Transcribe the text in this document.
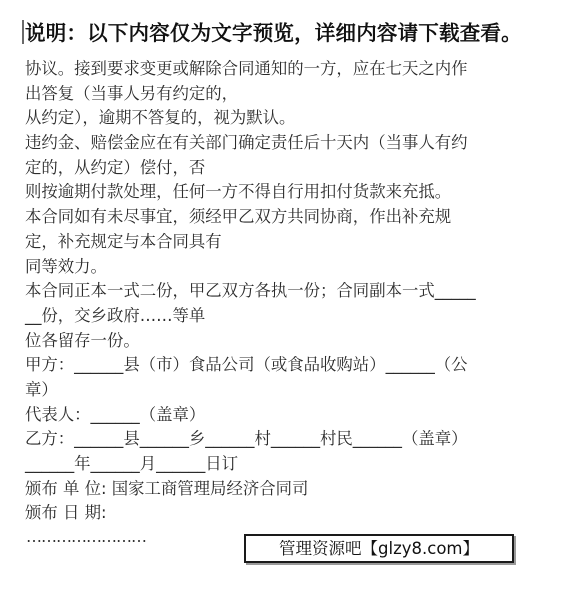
说明：以下内容仅为文字预览，详细内容请下载查看。
协议。接到要求变更或解除合同通知的一方，应在七天之内作
出答复（当事人另有约定的，
从约定），逾期不答复的，视为默认。
违约金、赔偿金应在有关部门确定责任后十天内（当事人有约
定的，从约定）偿付，否
则按逾期付款处理，任何一方不得自行用扣付货款来充抵。
本合同如有未尽事宜，须经甲乙双方共同协商，作出补充规
定，补充规定与本合同具有
同等效力。
本合同正本一式二份，甲乙双方各执一份；合同副本一式_____
__份，交乡政府……等单
位各留存一份。
甲方：______县（市）食品公司（或食品收购站）______（公
章）
代表人：______（盖章）
乙方：______县______乡______村______村民______（盖章）
______年______月______日订
颁布 单 位: 国家工商管理局经济合同司
颁布 日 期:
……………………
管理资源吧【glzy8.com】
